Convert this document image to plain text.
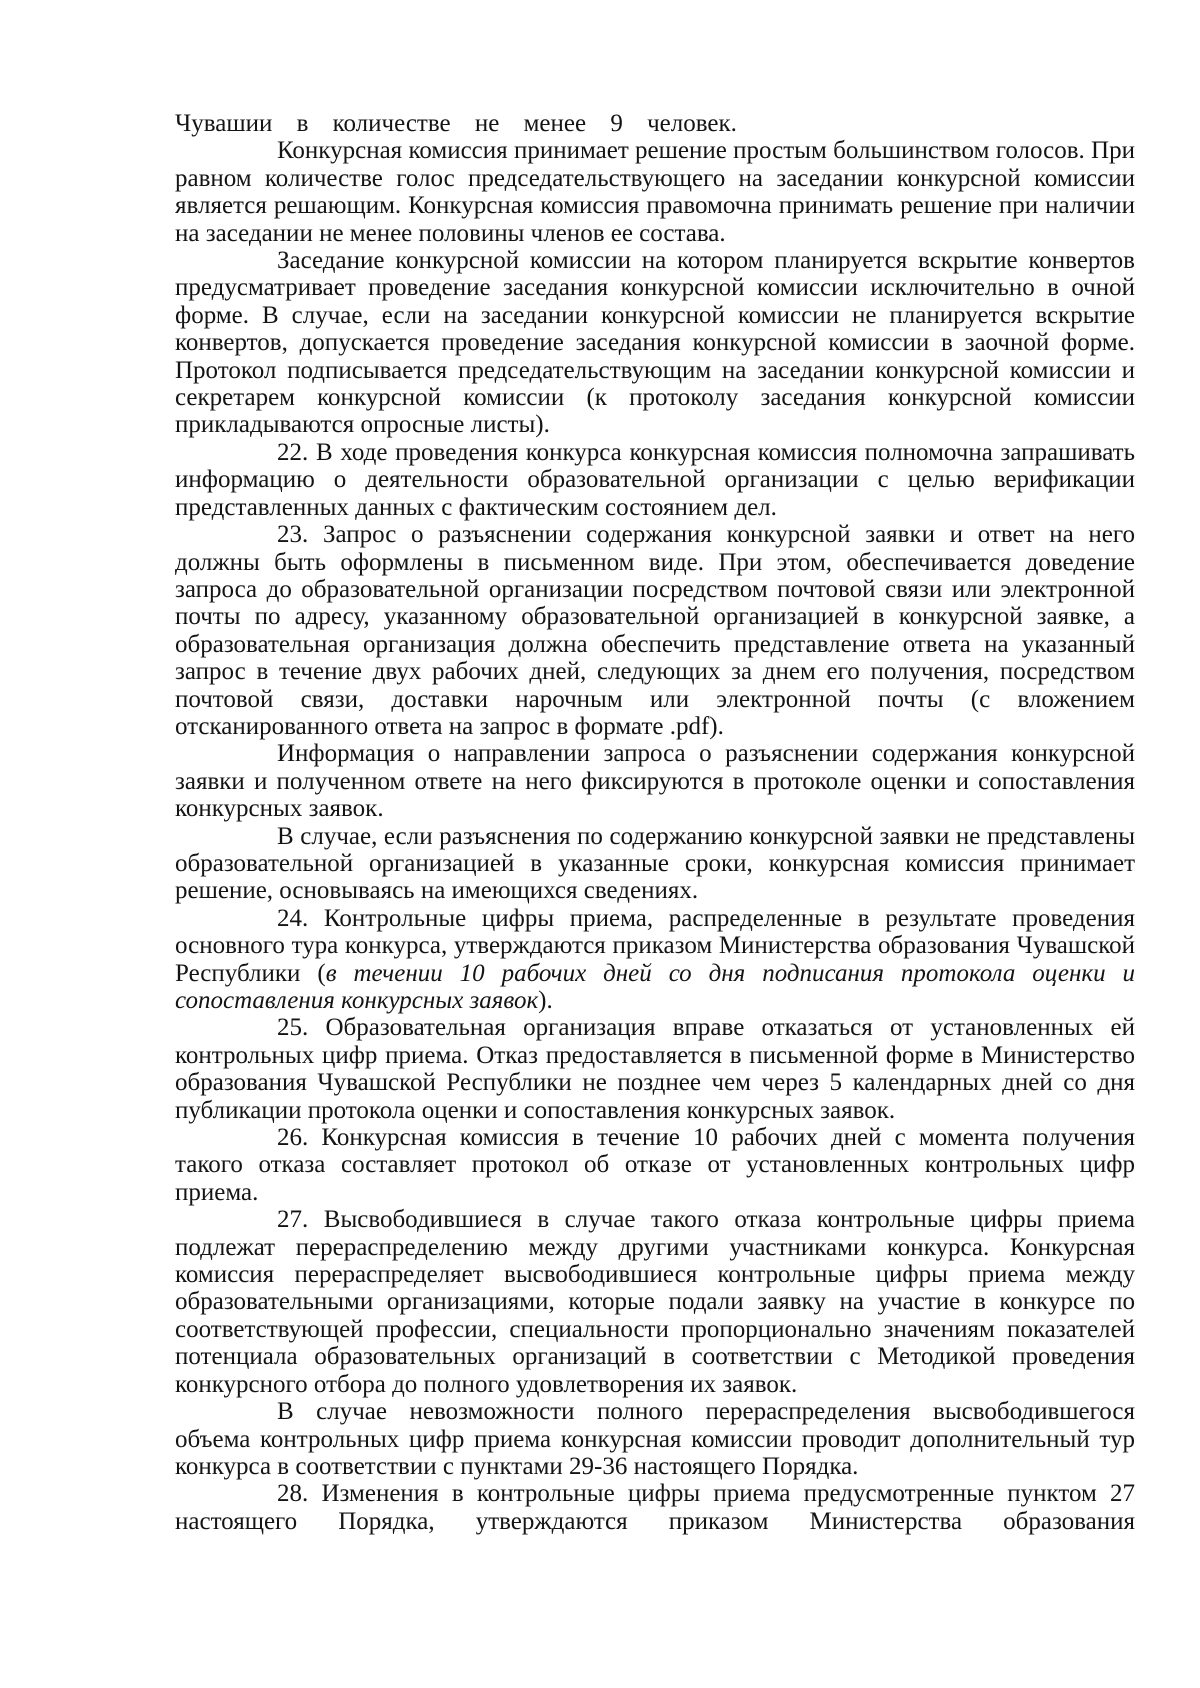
Чувашии в количестве не менее 9 человек.

Конкурсная комиссия принимает решение простым большинством голосов. При равном количестве голос председательствующего на заседании конкурсной комиссии является решающим. Конкурсная комиссия правомочна принимать решение при наличии на заседании не менее половины членов ее состава.

Заседание конкурсной комиссии на котором планируется вскрытие конвертов предусматривает проведение заседания конкурсной комиссии исключительно в очной форме. В случае, если на заседании конкурсной комиссии не планируется вскрытие конвертов, допускается проведение заседания конкурсной комиссии в заочной форме. Протокол подписывается председательствующим на заседании конкурсной комиссии и секретарем конкурсной комиссии (к протоколу заседания конкурсной комиссии прикладываются опросные листы).

22. В ходе проведения конкурса конкурсная комиссия полномочна запрашивать информацию о деятельности образовательной организации с целью верификации представленных данных с фактическим состоянием дел.

23. Запрос о разъяснении содержания конкурсной заявки и ответ на него должны быть оформлены в письменном виде. При этом, обеспечивается доведение запроса до образовательной организации посредством почтовой связи или электронной почты по адресу, указанному образовательной организацией в конкурсной заявке, а образовательная организация должна обеспечить представление ответа на указанный запрос в течение двух рабочих дней, следующих за днем его получения, посредством почтовой связи, доставки нарочным или электронной почты (с вложением отсканированного ответа на запрос в формате .pdf).

Информация о направлении запроса о разъяснении содержания конкурсной заявки и полученном ответе на него фиксируются в протоколе оценки и сопоставления конкурсных заявок.

В случае, если разъяснения по содержанию конкурсной заявки не представлены образовательной организацией в указанные сроки, конкурсная комиссия принимает решение, основываясь на имеющихся сведениях.

24. Контрольные цифры приема, распределенные в результате проведения основного тура конкурса, утверждаются приказом Министерства образования Чувашской Республики (в течении 10 рабочих дней со дня подписания протокола оценки и сопоставления конкурсных заявок).

25. Образовательная организация вправе отказаться от установленных ей контрольных цифр приема. Отказ предоставляется в письменной форме в Министерство образования Чувашской Республики не позднее чем через 5 календарных дней со дня публикации протокола оценки и сопоставления конкурсных заявок.

26. Конкурсная комиссия в течение 10 рабочих дней с момента получения такого отказа составляет протокол об отказе от установленных контрольных цифр приема.

27. Высвободившиеся в случае такого отказа контрольные цифры приема подлежат перераспределению между другими участниками конкурса. Конкурсная комиссия перераспределяет высвободившиеся контрольные цифры приема между образовательными организациями, которые подали заявку на участие в конкурсе по соответствующей профессии, специальности пропорционально значениям показателей потенциала образовательных организаций в соответствии с Методикой проведения конкурсного отбора до полного удовлетворения их заявок.

В случае невозможности полного перераспределения высвободившегося объема контрольных цифр приема конкурсная комиссии проводит дополнительный тур конкурса в соответствии с пунктами 29-36 настоящего Порядка.

28. Изменения в контрольные цифры приема предусмотренные пунктом 27 настоящего Порядка, утверждаются приказом Министерства образования
